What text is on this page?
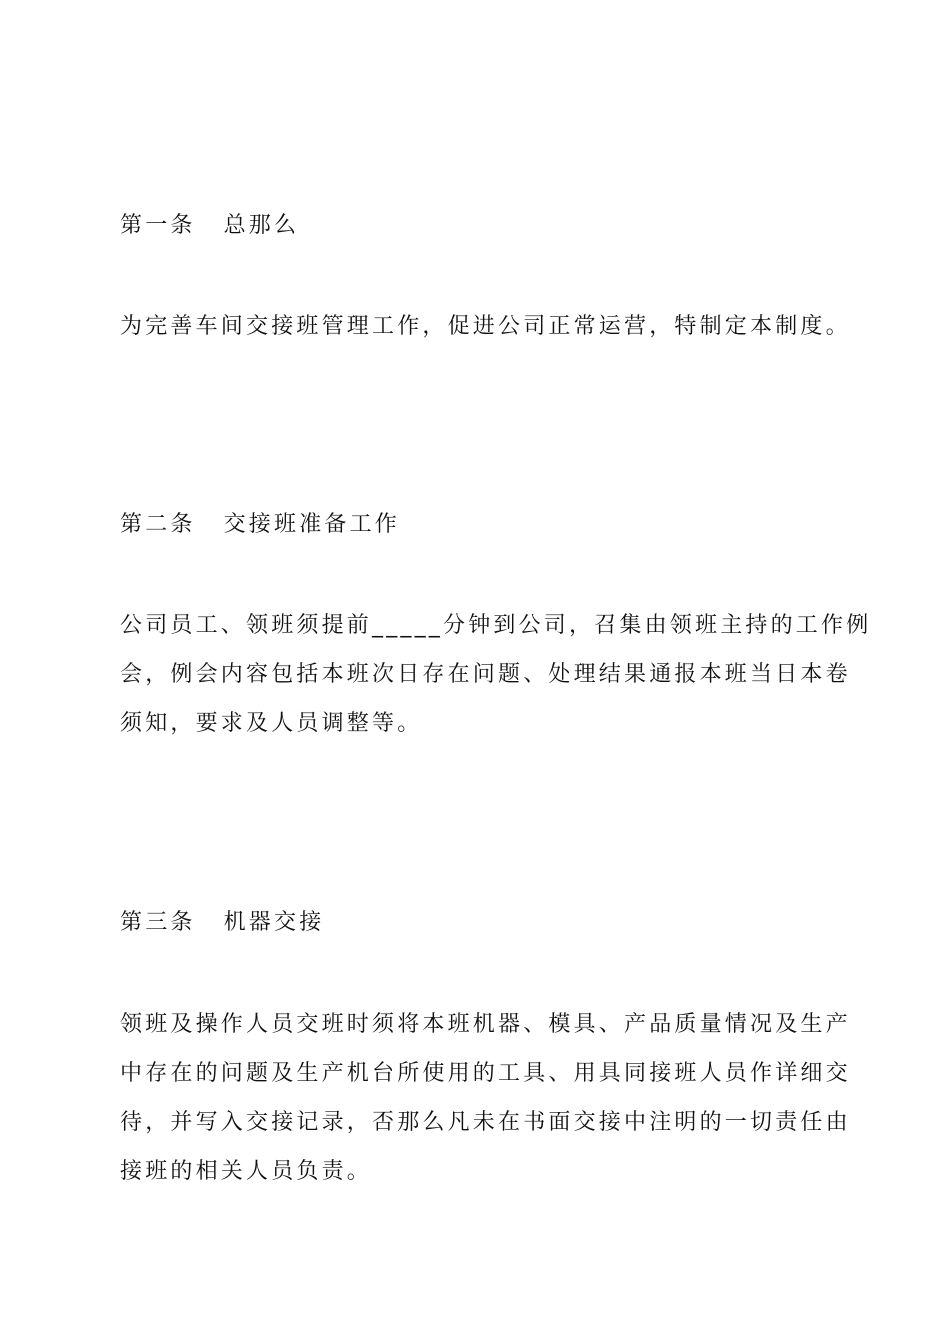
第一条 总那么
为完善车间交接班管理工作，促进公司正常运营，特制定本制度。
第二条 交接班准备工作
公司员工、领班须提前_____分钟到公司，召集由领班主持的工作例
会，例会内容包括本班次日存在问题、处理结果通报本班当日本卷
须知，要求及人员调整等。
第三条 机器交接
领班及操作人员交班时须将本班机器、模具、产品质量情况及生产
中存在的问题及生产机台所使用的工具、用具同接班人员作详细交
待，并写入交接记录，否那么凡未在书面交接中注明的一切责任由
接班的相关人员负责。
